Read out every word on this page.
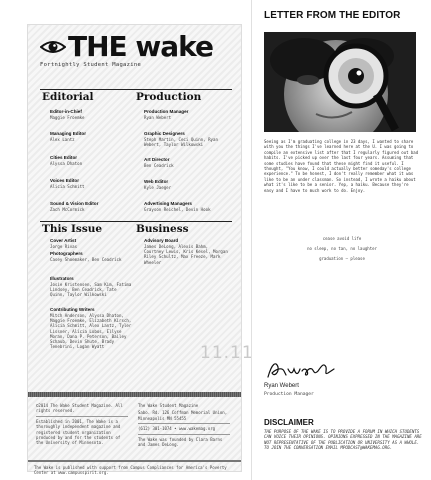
THE wake
Fortnightly Student Magazine
Editorial	Production
Editor-in-Chief
Maggie Froemke
Managing Editor
Alex Lantz
Cities Editor
Alyssa Dhaton
Voices Editor
Alicia Schmitt
Sound & Vision Editor
Zach McCormick
Production Manager
Ryan Webert
Graphic Designers
Steph Martin, Ceci Quinn, Ryan Webert, Taylor Wilkowski
Art Director
Ben Ceadrick
Web Editor
Kyle Jaeger
Advertising Managers
Grayson Reichel, Devin Hook
This Issue	Business
Cover Artist
Jorge Rivas
Photographers
Casey Shoemaker, Ben Ceadrick
Illustrators
Josie Kristensen, Sam Kim, Fatima Lindsey, Ben Ceadrick, Tate Quinn, Taylor Wilkowski
Contributing Writers
Mitch Anderson, Alyssa Dhaton, Maggie Froemke, Elizabeth Kirsch, Alicia Schmitt, Alex Lantz, Tyler Lissner, Alicia Lobos, Ellyse Moran, Dana P. Peterson, Bailey Schaub, Devin Shute, Brady Tenebrini, Logan Wyatt
Advisory Board
James DeLong, Alexis Bahm, Courtney Lewis, Kris Kesel, Morgan Riley Schultz, Max Freeze, Mark Wheeler
11.11

©2014 The Wake Student Magazine. All rights reserved.

Established in 2001, The Wake is a thoroughly independent magazine and registered student organization produced by and for the students of the University of Minnesota.

The Wake Student Magazine

Sabo. Rd. 126 Coffman Memorial Union, Minneapolis MN 55455

(612) 301-1074 • www.wakemag.org

The Wake was founded by Clara Barns and James DeLong.

The Wake is published with support from Campus Compliances for America's Poverty Center at www.campusspirit.org.
LETTER FROM THE EDITOR
Seeing as I'm graduating college in 23 days, I wanted to share with you the things I've learned here at the U. I was going to compile an extensive list after that I regularly figured out bad habits. I've picked up over the last four years. Assuming that some studies have found that these might find it useful. I thought, "You know, I could actually better someday's college experience." To be honest, I don't really remember what it was like to be an under classman. So instead, I wrote a haiku about what it's like to be a senior. Yep, a haiku. Because they're easy and I have to much work to do. Enjoy.
cease avoid life
no sleep, no tan, no laughter
graduation — please
Ryan Webert
Production Manager
DISCLAIMER
THE PURPOSE OF THE WAKE IS TO PROVIDE A FORUM IN WHICH STUDENTS CAN VOICE THEIR OPINIONS. OPINIONS EXPRESSED IN THE MAGAZINE ARE NOT REPRESENTATIVE OF THE PUBLICATION OR UNIVERSITY AS A WHOLE. TO JOIN THE CONVERSATION EMAIL MPODCAST@WAKEMAG.ORG.
